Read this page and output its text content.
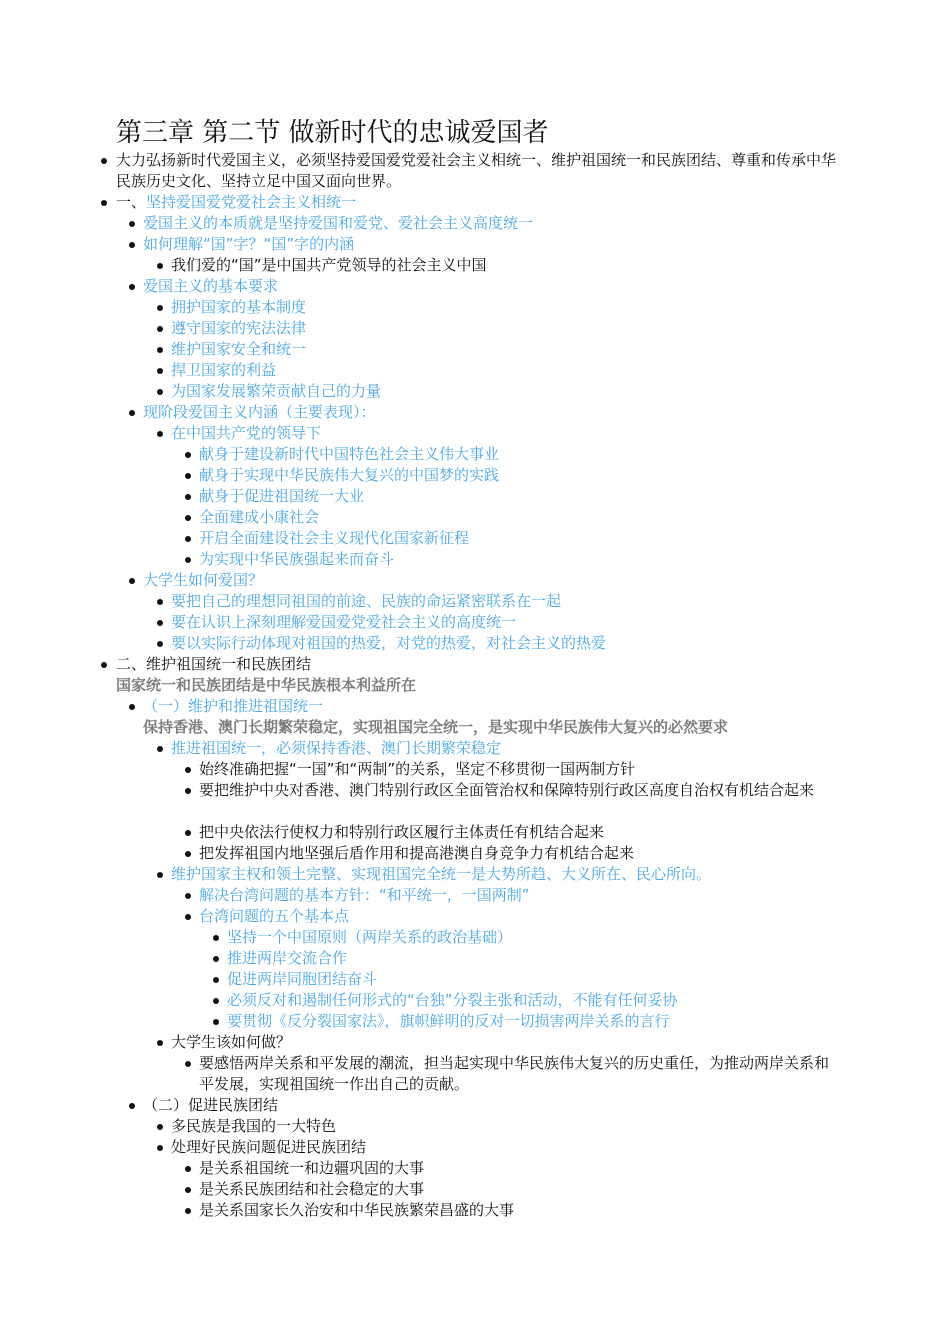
第三章 第二节 做新时代的忠诚爱国者
大力弘扬新时代爱国主义，必须坚持爱国爱党爱社会主义相统一、维护祖国统一和民族团结、尊重和传承中华民族历史文化、坚持立足中国又面向世界。
一、坚持爱国爱党爱社会主义相统一
爱国主义的本质就是坚持爱国和爱党、爱社会主义高度统一
如何理解“国”字？“国”字的内涵
我们爱的“国”是中国共产党领导的社会主义中国
爱国主义的基本要求
拥护国家的基本制度
遵守国家的宪法法律
维护国家安全和统一
捍卫国家的利益
为国家发展繁荣贡献自己的力量
现阶段爱国主义内涵（主要表现）：
在中国共产党的领导下
献身于建设新时代中国特色社会主义伟大事业
献身于实现中华民族伟大复兴的中国梦的实践
献身于促进祖国统一大业
全面建成小康社会
开启全面建设社会主义现代化国家新征程
为实现中华民族强起来而奋斗
大学生如何爱国？
要把自己的理想同祖国的前途、民族的命运紧密联系在一起
要在认识上深刻理解爱国爱党爱社会主义的高度统一
要以实际行动体现对祖国的热爱，对党的热爱，对社会主义的热爱
二、维护祖国统一和民族团结
国家统一和民族团结是中华民族根本利益所在
（一）维护和推进祖国统一
保持香港、澳门长期繁荣稳定，实现祖国完全统一，是实现中华民族伟大复兴的必然要求
推进祖国统一，必须保持香港、澳门长期繁荣稳定
始终准确把握“一国”和“两制”的关系，坚定不移贯彻一国两制方针
要把维护中央对香港、澳门特别行政区全面管治权和保障特别行政区高度自治权有机结合起来
把中央依法行使权力和特别行政区履行主体责任有机结合起来
把发挥祖国内地坚强后盾作用和提高港澳自身竞争力有机结合起来
维护国家主权和领土完整、实现祖国完全统一是大势所趋、大义所在、民心所向。
解决台湾问题的基本方针：“和平统一，一国两制”
台湾问题的五个基本点
坚持一个中国原则（两岸关系的政治基础）
推进两岸交流合作
促进两岸同胞团结奋斗
必须反对和遏制任何形式的“台独”分裂主张和活动，不能有任何妥协
要贯彻《反分裂国家法》，旗帜鲜明的反对一切损害两岸关系的言行
大学生该如何做？
要感悟两岸关系和平发展的潮流，担当起实现中华民族伟大复兴的历史重任，为推动两岸关系和平发展，实现祖国统一作出自己的贡献。
（二）促进民族团结
多民族是我国的一大特色
处理好民族问题促进民族团结
是关系祖国统一和边疆巩固的大事
是关系民族团结和社会稳定的大事
是关系国家长久治安和中华民族繁荣昌盛的大事
